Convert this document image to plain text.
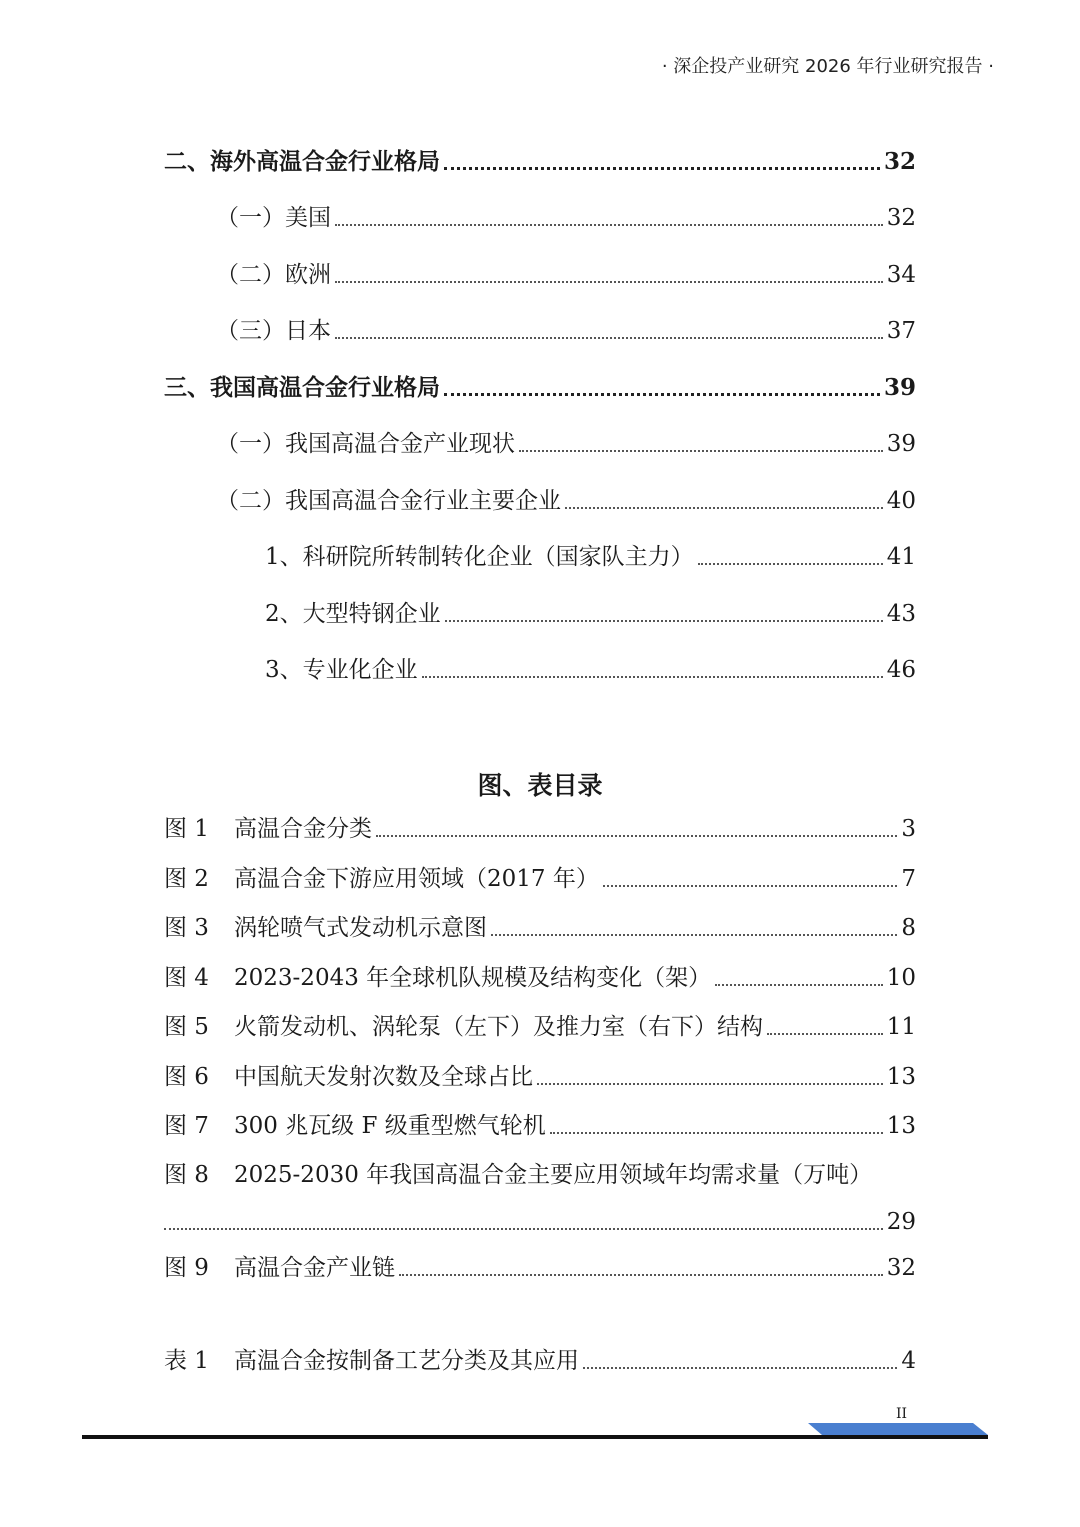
· 深企投产业研究 2026 年行业研究报告 ·
二、海外高温合金行业格局	32
（一）美国	32
（二）欧洲	34
（三）日本	37
三、我国高温合金行业格局	39
（一）我国高温合金产业现状	39
（二）我国高温合金行业主要企业	40
1、科研院所转制转化企业（国家队主力）	41
2、大型特钢企业	43
3、专业化企业	46
图、表目录
图 1 高温合金分类	3
图 2 高温合金下游应用领域（2017 年）	7
图 3 涡轮喷气式发动机示意图	8
图 4 2023-2043 年全球机队规模及结构变化（架）	10
图 5 火箭发动机、涡轮泵（左下）及推力室（右下）结构	11
图 6 中国航天发射次数及全球占比	13
图 7 300 兆瓦级 F 级重型燃气轮机	13
图 8 2025-2030 年我国高温合金主要应用领域年均需求量（万吨）
29
图 9 高温合金产业链	32
表 1 高温合金按制备工艺分类及其应用	4
II
